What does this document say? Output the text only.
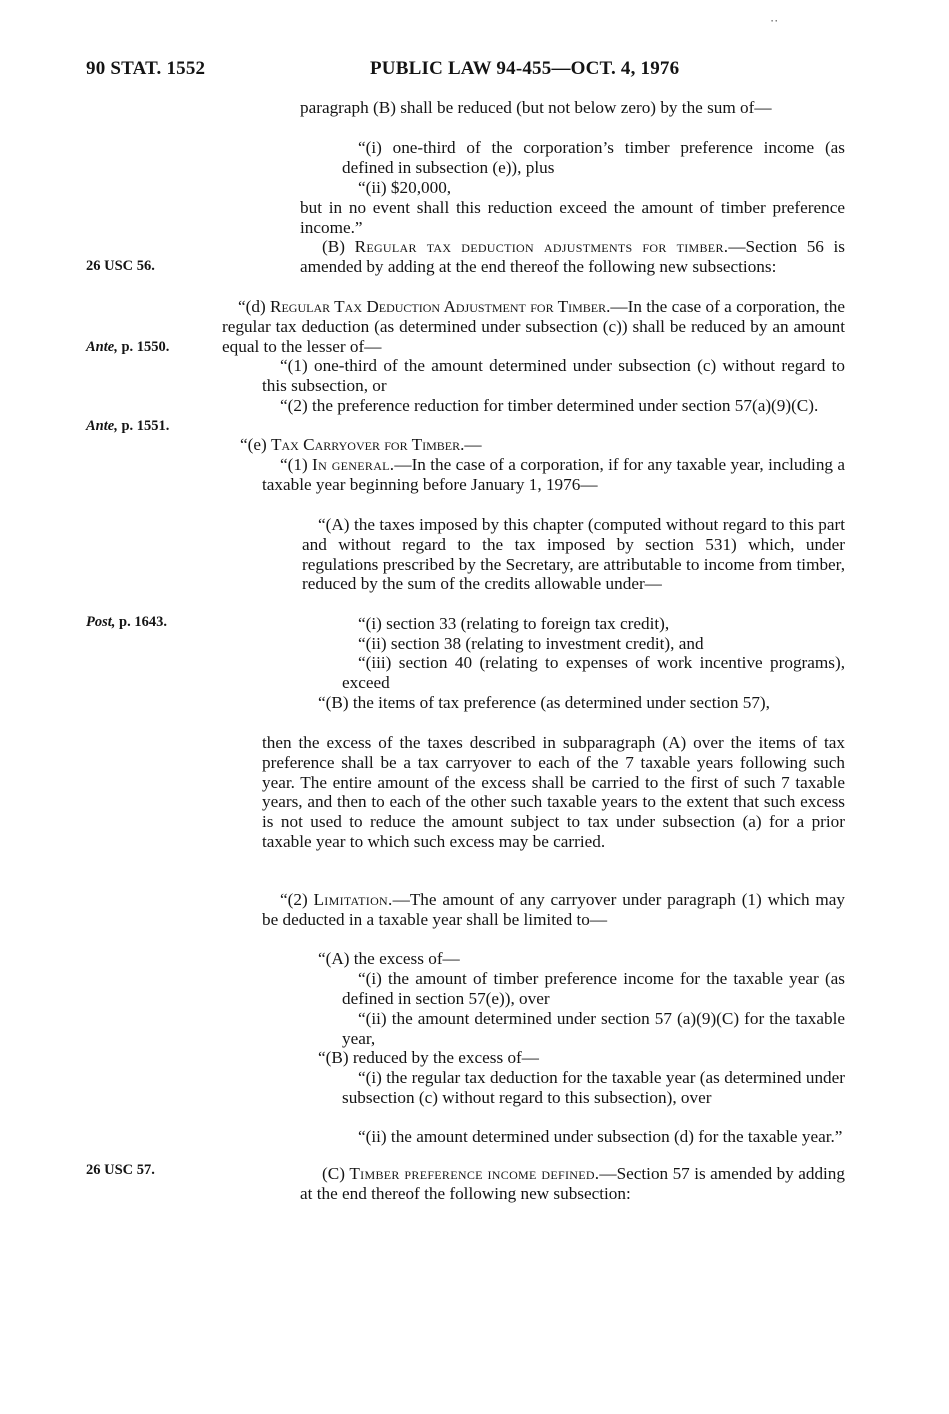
⋅⋅
90 STAT. 1552	PUBLIC LAW 94-455—OCT. 4, 1976
26 USC 56.
Ante, p. 1550.
Ante, p. 1551.
Post, p. 1643.
26 USC 57.

paragraph (B) shall be reduced (but not below zero) by the sum of—

“(i) one-third of the corporation’s timber preference income (as defined in subsection (e)), plus

“(ii) $20,000,

but in no event shall this reduction exceed the amount of timber preference income.”

(B) Regular tax deduction adjustments for timber.—Section 56 is amended by adding at the end thereof the following new subsections:

“(d) Regular Tax Deduction Adjustment for Timber.—In the case of a corporation, the regular tax deduction (as determined under subsection (c)) shall be reduced by an amount equal to the lesser of—

“(1) one-third of the amount determined under subsection (c) without regard to this subsection, or

“(2) the preference reduction for timber determined under section 57(a)(9)(C).

“(e) Tax Carryover for Timber.—

“(1) In general.—In the case of a corporation, if for any taxable year, including a taxable year beginning before January 1, 1976—

“(A) the taxes imposed by this chapter (computed without regard to this part and without regard to the tax imposed by section 531) which, under regulations prescribed by the Secretary, are attributable to income from timber, reduced by the sum of the credits allowable under—

“(i) section 33 (relating to foreign tax credit),

“(ii) section 38 (relating to investment credit), and

“(iii) section 40 (relating to expenses of work incentive programs), exceed

“(B) the items of tax preference (as determined under section 57),

then the excess of the taxes described in subparagraph (A) over the items of tax preference shall be a tax carryover to each of the 7 taxable years following such year. The entire amount of the excess shall be carried to the first of such 7 taxable years, and then to each of the other such taxable years to the extent that such excess is not used to reduce the amount subject to tax under subsection (a) for a prior taxable year to which such excess may be carried.

“(2) Limitation.—The amount of any carryover under paragraph (1) which may be deducted in a taxable year shall be limited to—

“(A) the excess of—

“(i) the amount of timber preference income for the taxable year (as defined in section 57(e)), over

“(ii) the amount determined under section 57 (a)(9)(C) for the taxable year,

“(B) reduced by the excess of—

“(i) the regular tax deduction for the taxable year (as determined under subsection (c) without regard to this subsection), over

“(ii) the amount determined under subsection (d) for the taxable year.”

(C) Timber preference income defined.—Section 57 is amended by adding at the end thereof the following new subsection:
